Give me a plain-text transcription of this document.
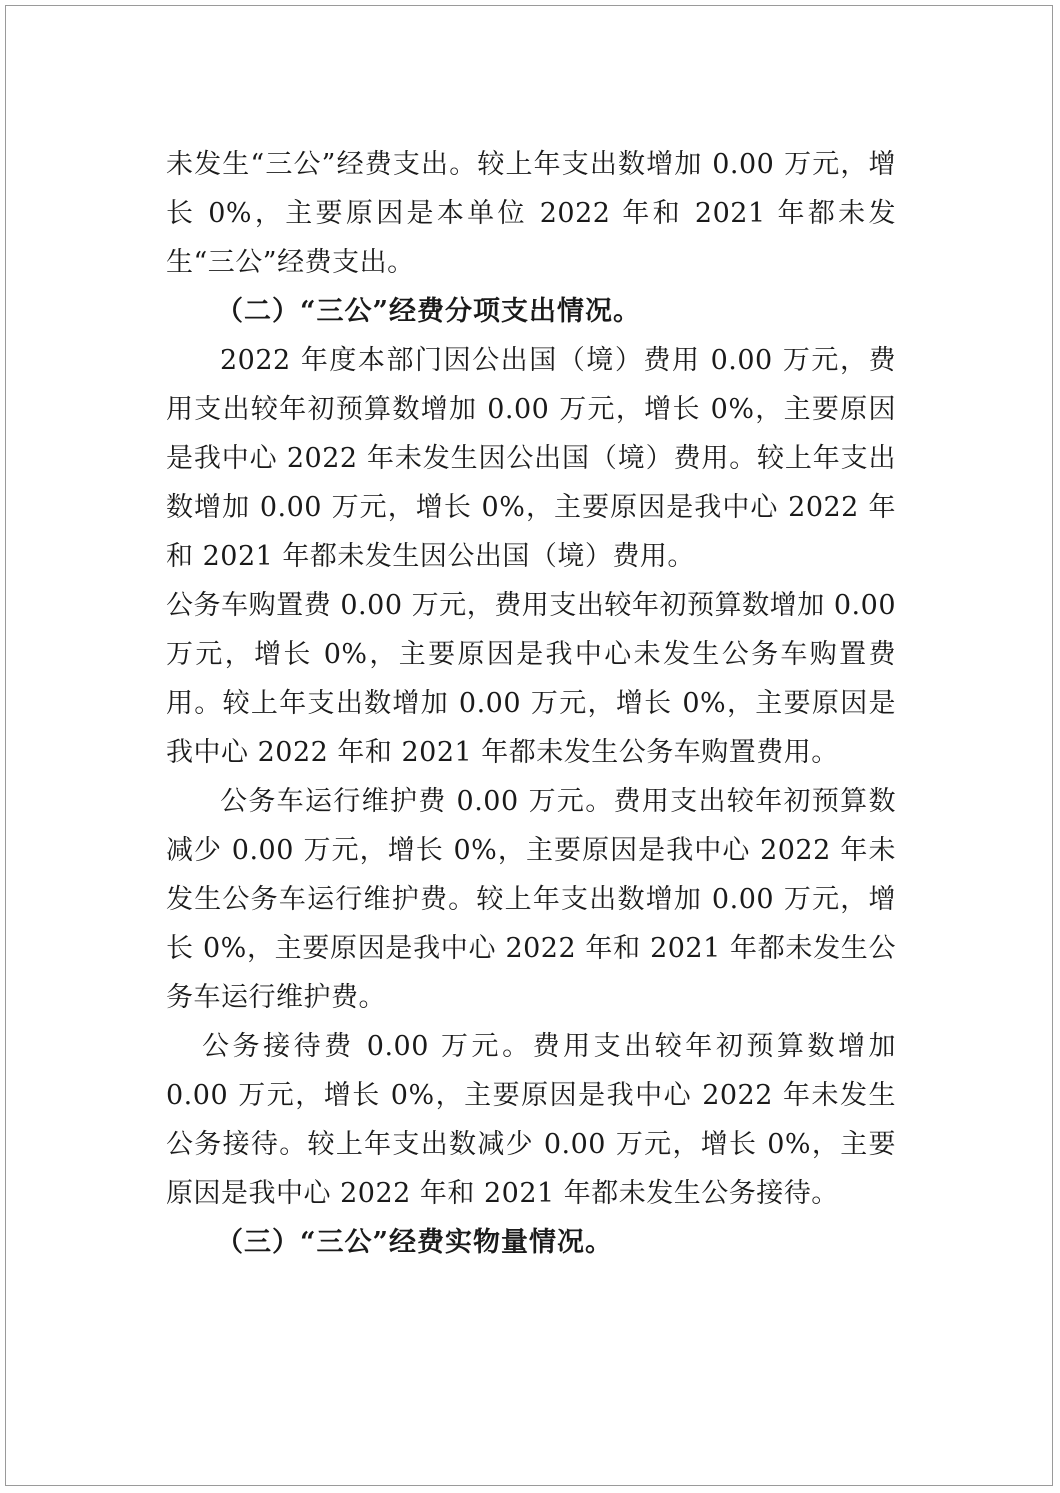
未发生“三公”经费支出。较上年支出数增加 0.00 万元，增长 0%，主要原因是本单位 2022 年和 2021 年都未发生“三公”经费支出。

（二）“三公”经费分项支出情况。

2022 年度本部门因公出国（境）费用 0.00 万元，费用支出较年初预算数增加 0.00 万元，增长 0%，主要原因是我中心 2022 年未发生因公出国（境）费用。较上年支出数增加 0.00 万元，增长 0%，主要原因是我中心 2022 年和 2021 年都未发生因公出国（境）费用。

公务车购置费 0.00 万元，费用支出较年初预算数增加 0.00 万元，增长 0%，主要原因是我中心未发生公务车购置费用。较上年支出数增加 0.00 万元，增长 0%，主要原因是我中心 2022 年和 2021 年都未发生公务车购置费用。

公务车运行维护费 0.00 万元。费用支出较年初预算数减少 0.00 万元，增长 0%，主要原因是我中心 2022 年未发生公务车运行维护费。较上年支出数增加 0.00 万元，增长 0%，主要原因是我中心 2022 年和 2021 年都未发生公务车运行维护费。

公务接待费 0.00 万元。费用支出较年初预算数增加 0.00 万元，增长 0%，主要原因是我中心 2022 年未发生公务接待。较上年支出数减少 0.00 万元，增长 0%，主要原因是我中心 2022 年和 2021 年都未发生公务接待。

（三）“三公”经费实物量情况。
